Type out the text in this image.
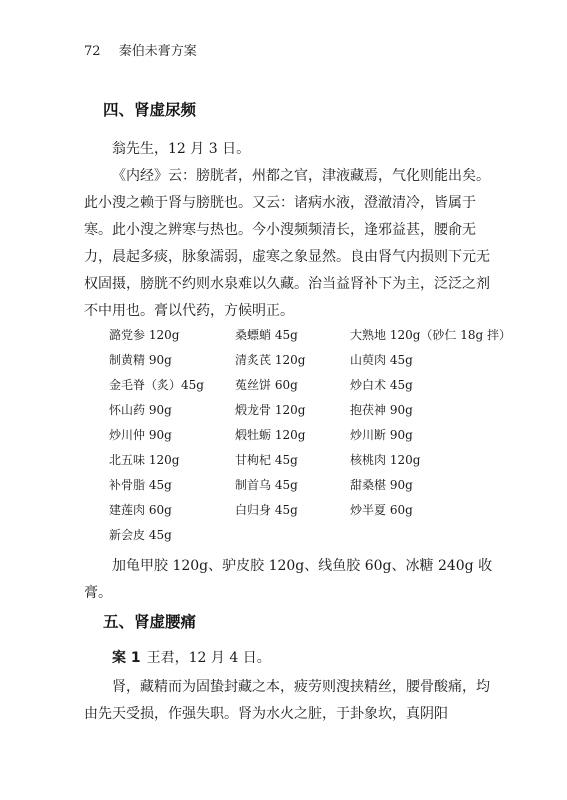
72 秦伯未膏方案
四、肾虚尿频
翁先生，12 月 3 日。
《内经》云：膀胱者，州都之官，津液藏焉，气化则能出矣。此小溲之赖于肾与膀胱也。又云：诸病水液，澄澈清冷，皆属于寒。此小溲之辨寒与热也。今小溲频频清长，逢邪益甚，腰俞无力，晨起多痰，脉象濡弱，虚寒之象显然。良由肾气内损则下元无权固摄，膀胱不约则水泉难以久藏。治当益肾补下为主，泛泛之剂不中用也。膏以代药，方候明正。
潞党参 120g	桑螵蛸 45g	大熟地 120g（砂仁 18g 拌）
制黄精 90g	清炙芪 120g	山萸肉 45g
金毛脊（炙）45g	菟丝饼 60g	炒白术 45g
怀山药 90g	煅龙骨 120g	抱茯神 90g
炒川仲 90g	煅牡蛎 120g	炒川断 90g
北五味 120g	甘枸杞 45g	核桃肉 120g
补骨脂 45g	制首乌 45g	甜桑椹 90g
建莲肉 60g	白归身 45g	炒半夏 60g
新会皮 45g
加龟甲胶 120g、驴皮胶 120g、线鱼胶 60g、冰糖 240g 收膏。
五、肾虚腰痛
案 1 王君，12 月 4 日。
肾，藏精而为固蛰封藏之本，疲劳则溲挟精丝，腰骨酸痛，均由先天受损，作强失职。肾为水火之脏，于卦象坎，真阴阳
